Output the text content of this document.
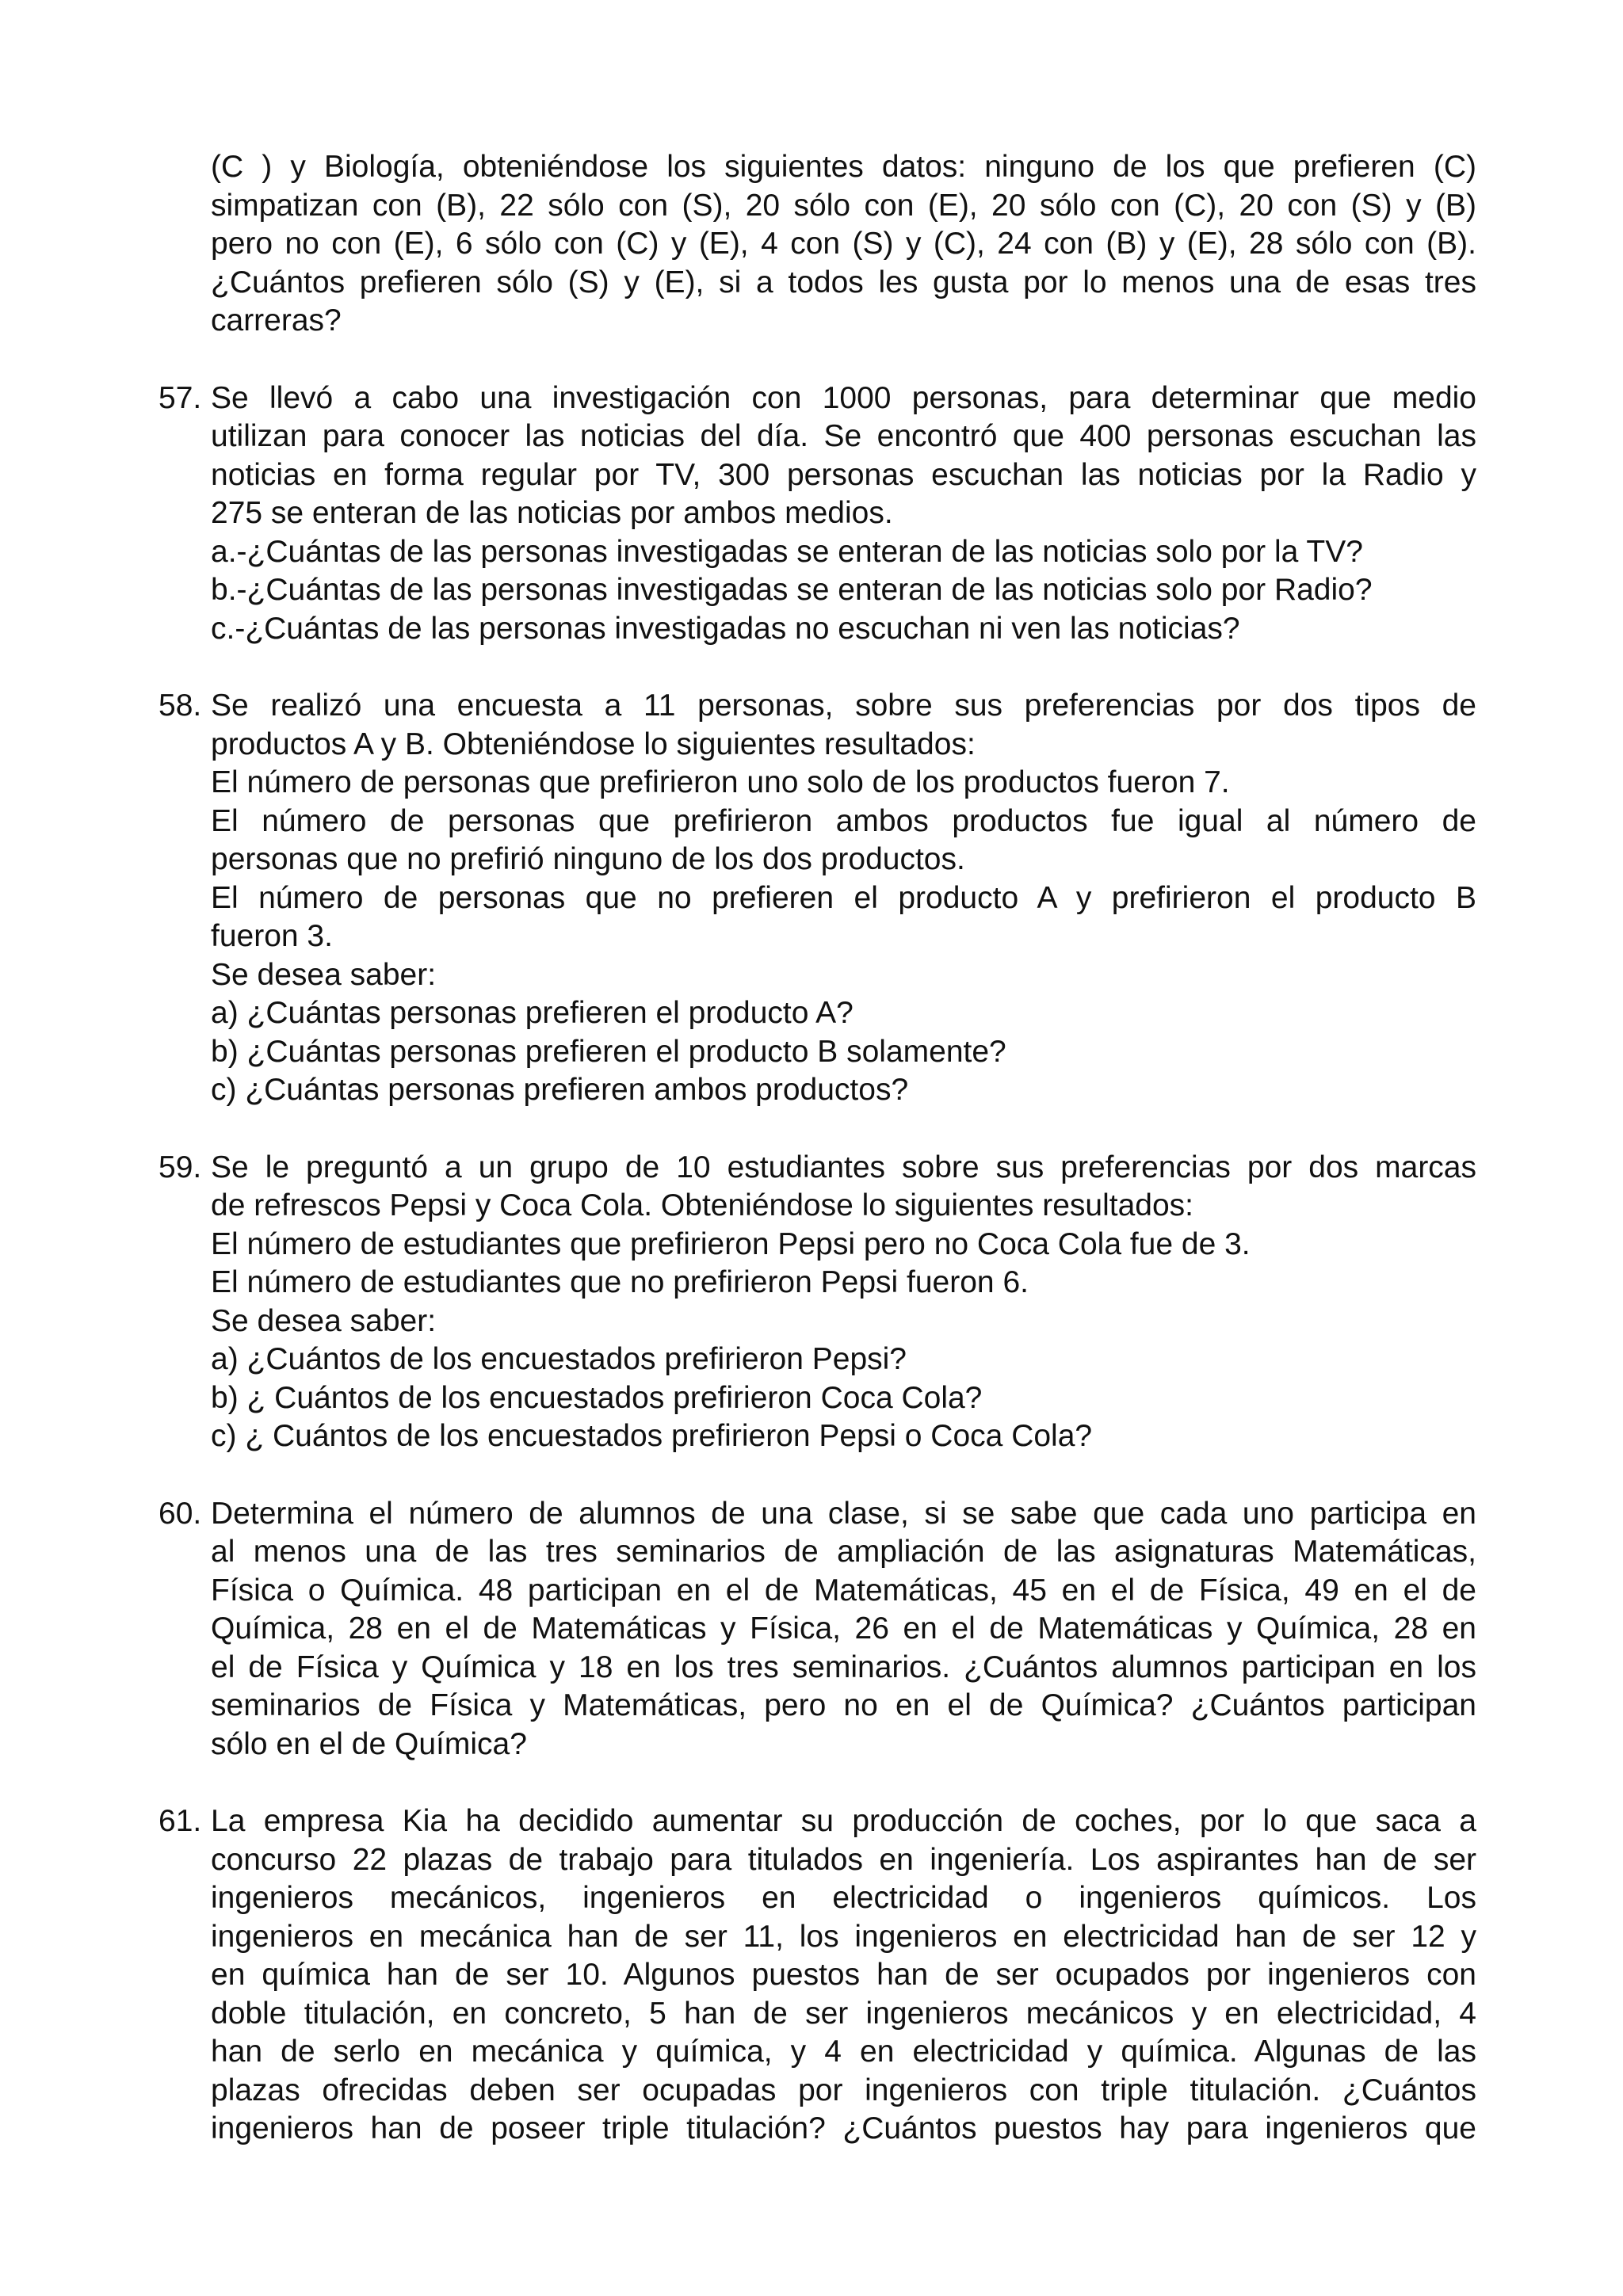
(C ) y Biología, obteniéndose los siguientes datos: ninguno de los que prefieren (C)

simpatizan con (B), 22 sólo con (S), 20 sólo con (E), 20 sólo con (C), 20 con (S) y (B)

pero no con (E), 6 sólo con (C) y (E), 4 con (S) y (C), 24 con (B) y (E), 28 sólo con (B).

¿Cuántos prefieren sólo (S) y (E), si a todos les gusta por lo menos una de esas tres

carreras?

57. Se llevó a cabo una investigación con 1000 personas, para determinar que medio

utilizan para conocer las noticias del día. Se encontró que 400 personas escuchan las

noticias en forma regular por TV, 300 personas escuchan las noticias por la Radio y

275 se enteran de las noticias por ambos medios.

a.-¿Cuántas de las personas investigadas se enteran de las noticias solo por la TV?

b.-¿Cuántas de las personas investigadas se enteran de las noticias solo por Radio?

c.-¿Cuántas de las personas investigadas no escuchan ni ven las noticias?

58. Se realizó una encuesta a 11 personas, sobre sus preferencias por dos tipos de

productos A y B. Obteniéndose lo siguientes resultados:

El número de personas que prefirieron uno solo de los productos fueron 7.

El número de personas que prefirieron ambos productos fue igual al número de

personas que no prefirió ninguno de los dos productos.

El número de personas que no prefieren el producto A y prefirieron el producto B

fueron 3.

Se desea saber:

a) ¿Cuántas personas prefieren el producto A?

b) ¿Cuántas personas prefieren el producto B solamente?

c) ¿Cuántas personas prefieren ambos productos?

59. Se le preguntó a un grupo de 10 estudiantes sobre sus preferencias por dos marcas

de refrescos Pepsi y Coca Cola. Obteniéndose lo siguientes resultados:

El número de estudiantes que prefirieron Pepsi pero no Coca Cola fue de 3.

El número de estudiantes que no prefirieron Pepsi fueron 6.

Se desea saber:

a) ¿Cuántos de los encuestados prefirieron Pepsi?

b) ¿ Cuántos de los encuestados prefirieron Coca Cola?

c) ¿ Cuántos de los encuestados prefirieron Pepsi o Coca Cola?

60. Determina el número de alumnos de una clase, si se sabe que cada uno participa en

al menos una de las tres seminarios de ampliación de las asignaturas Matemáticas,

Física o Química. 48 participan en el de Matemáticas, 45 en el de Física, 49 en el de

Química, 28 en el de Matemáticas y Física, 26 en el de Matemáticas y Química, 28 en

el de Física y Química y 18 en los tres seminarios. ¿Cuántos alumnos participan en los

seminarios de Física y Matemáticas, pero no en el de Química? ¿Cuántos participan

sólo en el de Química?

61. La empresa Kia ha decidido aumentar su producción de coches, por lo que saca a

concurso 22 plazas de trabajo para titulados en ingeniería. Los aspirantes han de ser

ingenieros mecánicos, ingenieros en electricidad o ingenieros químicos. Los

ingenieros en mecánica han de ser 11, los ingenieros en electricidad han de ser 12 y

en química han de ser 10. Algunos puestos han de ser ocupados por ingenieros con

doble titulación, en concreto, 5 han de ser ingenieros mecánicos y en electricidad, 4

han de serlo en mecánica y química, y 4 en electricidad y química. Algunas de las

plazas ofrecidas deben ser ocupadas por ingenieros con triple titulación. ¿Cuántos

ingenieros han de poseer triple titulación? ¿Cuántos puestos hay para ingenieros que
